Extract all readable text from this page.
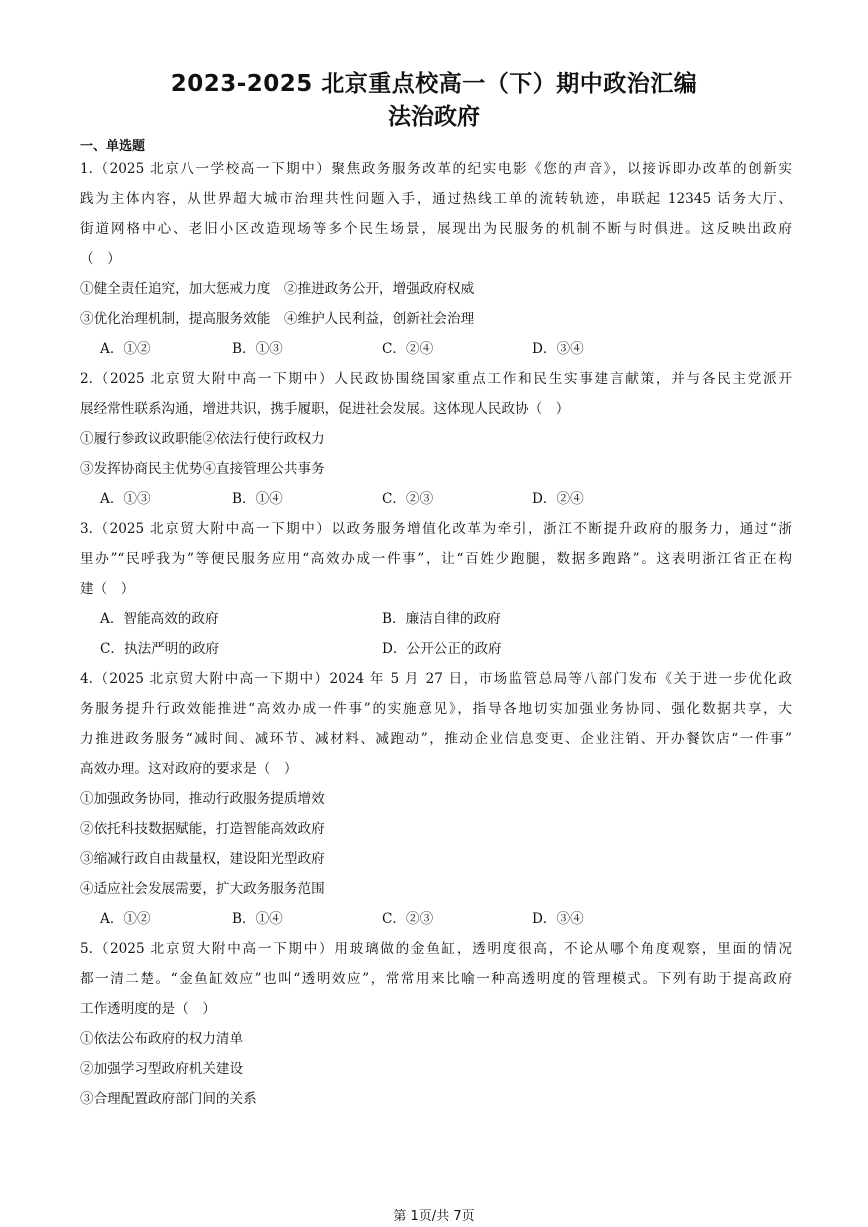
2023-2025 北京重点校高一（下）期中政治汇编
法治政府
一、单选题
1.（2025 北京八一学校高一下期中）聚焦政务服务改革的纪实电影《您的声音》，以接诉即办改革的创新实
践为主体内容，从世界超大城市治理共性问题入手，通过热线工单的流转轨迹，串联起 12345 话务大厅、
街道网格中心、老旧小区改造现场等多个民生场景，展现出为民服务的机制不断与时俱进。这反映出政府
（　）
①健全责任追究，加大惩戒力度　②推进政务公开，增强政府权威
③优化治理机制，提高服务效能　④维护人民利益，创新社会治理
A．①②	B．①③	C．②④	D．③④
2.（2025 北京贸大附中高一下期中）人民政协围绕国家重点工作和民生实事建言献策，并与各民主党派开
展经常性联系沟通，增进共识，携手履职，促进社会发展。这体现人民政协（　）
①履行参政议政职能②依法行使行政权力
③发挥协商民主优势④直接管理公共事务
A．①③	B．①④	C．②③	D．②④
3.（2025 北京贸大附中高一下期中）以政务服务增值化改革为牵引，浙江不断提升政府的服务力，通过“浙
里办”“民呼我为”等便民服务应用“高效办成一件事”，让“百姓少跑腿，数据多跑路”。这表明浙江省正在构
建（　）
A．智能高效的政府	B．廉洁自律的政府
C．执法严明的政府	D．公开公正的政府
4.（2025 北京贸大附中高一下期中）2024 年 5 月 27 日，市场监管总局等八部门发布《关于进一步优化政
务服务提升行政效能推进“高效办成一件事”的实施意见》，指导各地切实加强业务协同、强化数据共享，大
力推进政务服务“减时间、减环节、减材料、减跑动”，推动企业信息变更、企业注销、开办餐饮店“一件事”
高效办理。这对政府的要求是（　）
①加强政务协同，推动行政服务提质增效
②依托科技数据赋能，打造智能高效政府
③缩减行政自由裁量权，建设阳光型政府
④适应社会发展需要，扩大政务服务范围
A．①②	B．①④	C．②③	D．③④
5.（2025 北京贸大附中高一下期中）用玻璃做的金鱼缸，透明度很高，不论从哪个角度观察，里面的情况
都一清二楚。“金鱼缸效应”也叫“透明效应”，常常用来比喻一种高透明度的管理模式。下列有助于提高政府
工作透明度的是（　）
①依法公布政府的权力清单
②加强学习型政府机关建设
③合理配置政府部门间的关系
第 1页/共 7页
